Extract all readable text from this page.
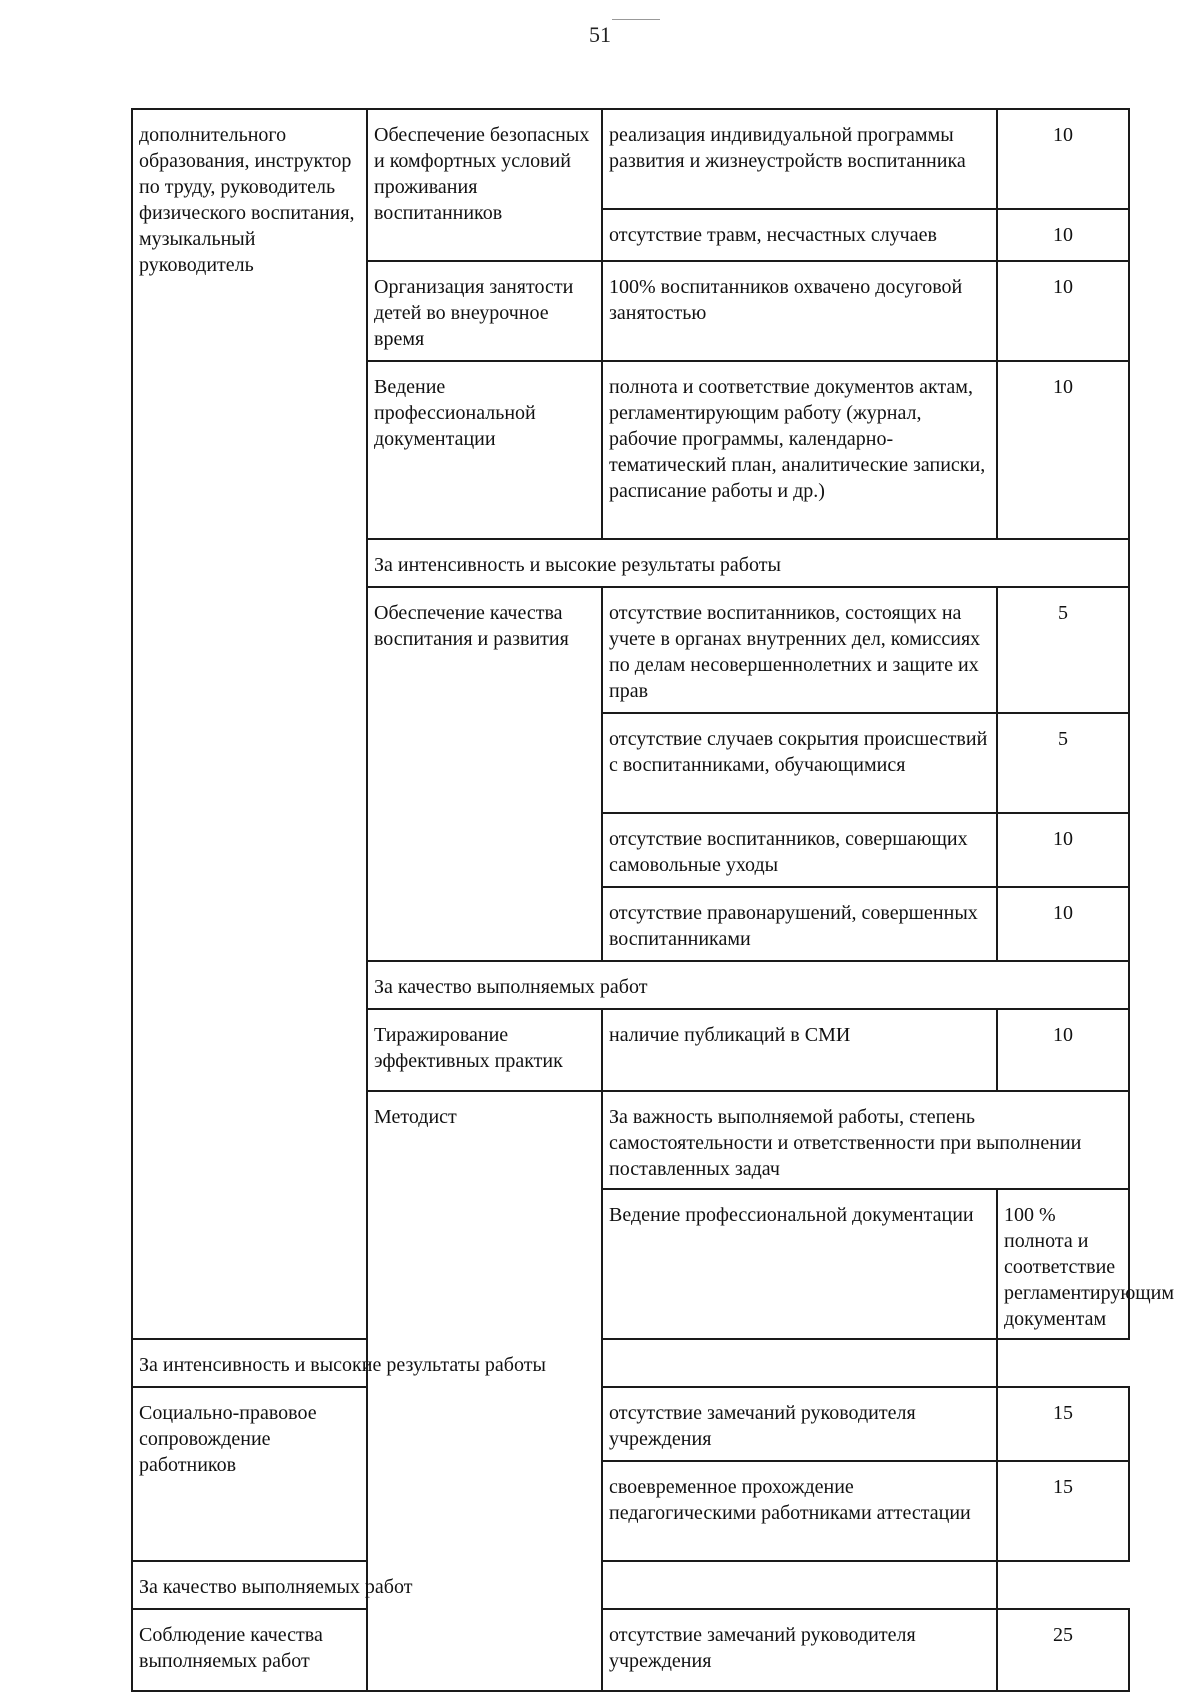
51
дополнительного образования, инструктор по труду, руководитель физического воспитания, музыкальный руководитель	Обеспечение безопасных и комфортных условий проживания воспитанников	реализация индивидуальной программы развития и жизнеустройств воспитанника	10	
		отсутствие травм, несчастных случаев	10	
	Организация занятости детей во внеурочное время	100% воспитанников охвачено досуговой занятостью	10	
	Ведение профессиональной документации	полнота и соответствие документов актам, регламентирующим работу (журнал, рабочие программы, календарно-тематический план, аналитические записки, расписание работы и др.)	10	
	За интенсивность и высокие результаты работы			
	Обеспечение качества воспитания и развития	отсутствие воспитанников, состоящих на учете в органах внутренних дел, комиссиях по делам несовершеннолетних и защите их прав	5	
		отсутствие случаев сокрытия происшествий с воспитанниками, обучающимися	5	
		отсутствие воспитанников, совершающих самовольные уходы	10	
		отсутствие правонарушений, совершенных воспитанниками	10	
	За качество выполняемых работ			
	Тиражирование эффективных практик	наличие публикаций в СМИ	10	
	Методист	За важность выполняемой работы, степень самостоятельности и ответственности при выполнении поставленных задач		
		Ведение профессиональной документации	100 % полнота и соответствие регламентирующим документам	
За интенсивность и высокие результаты работы				
Социально-правовое сопровождение работников		отсутствие замечаний руководителя учреждения	15	
		своевременное прохождение педагогическими работниками аттестации	15	
За качество выполняемых работ				
Соблюдение качества выполняемых работ		отсутствие замечаний руководителя учреждения	25	
